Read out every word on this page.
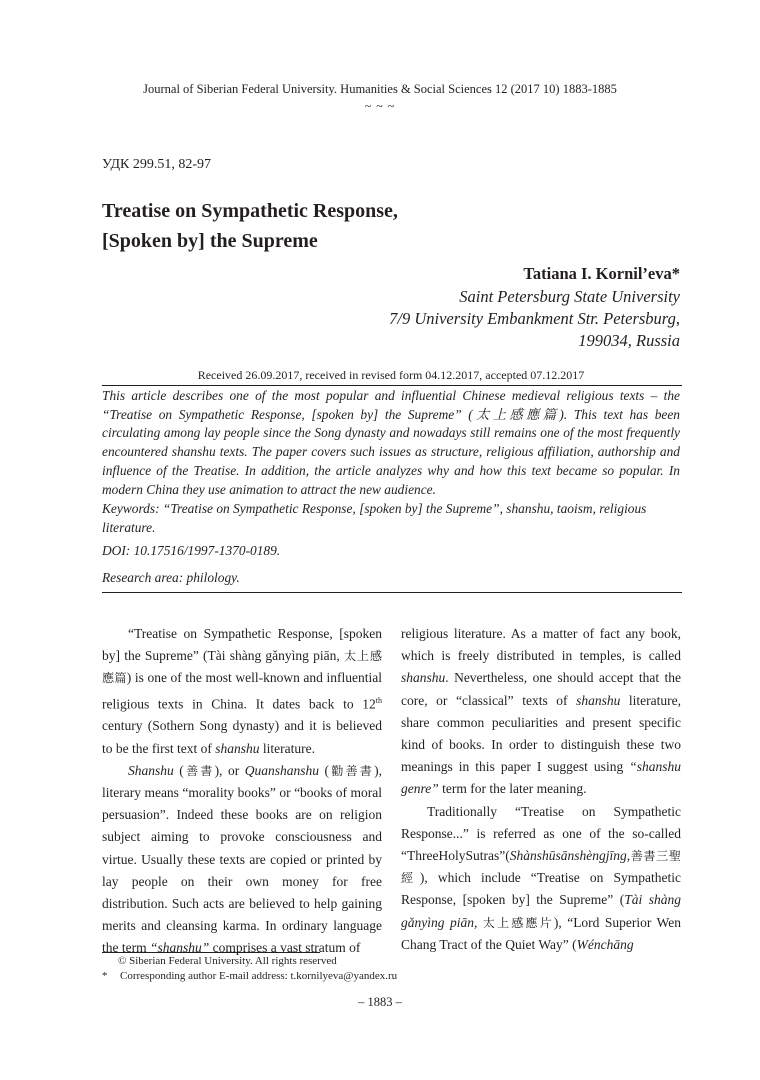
Journal of Siberian Federal University. Humanities & Social Sciences 12 (2017 10) 1883-1885
~ ~ ~
УДК 299.51, 82-97
Treatise on Sympathetic Response,
[Spoken by] the Supreme
Tatiana I. Kornil’eva*
Saint Petersburg State University
7/9 University Embankment Str. Petersburg,
199034, Russia
Received 26.09.2017, received in revised form 04.12.2017, accepted 07.12.2017
This article describes one of the most popular and influential Chinese medieval religious texts – the “Treatise on Sympathetic Response, [spoken by] the Supreme” (太上感應篇). This text has been circulating among lay people since the Song dynasty and nowadays still remains one of the most frequently encountered shanshu texts. The paper covers such issues as structure, religious affiliation, authorship and influence of the Treatise. In addition, the article analyzes why and how this text became so popular. In modern China they use animation to attract the new audience.
Keywords: “Treatise on Sympathetic Response, [spoken by] the Supreme”, shanshu, taoism, religious literature.
DOI: 10.17516/1997-1370-0189.
Research area: philology.

“Treatise on Sympathetic Response, [spoken by] the Supreme” (Tài shàng gǎnyìng piān, 太上感應篇) is one of the most well-known and influential religious texts in China. It dates back to 12th century (Sothern Song dynasty) and it is believed to be the first text of shanshu literature.

Shanshu (善書), or Quanshanshu (勸善書), literary means “morality books” or “books of moral persuasion”. Indeed these books are on religion subject aiming to provoke consciousness and virtue. Usually these texts are copied or printed by lay people on their own money for free distribution. Such acts are believed to help gaining merits and cleansing karma. In ordinary language the term “shanshu” comprises a vast stratum of

religious literature. As a matter of fact any book, which is freely distributed in temples, is called shanshu. Nevertheless, one should accept that the core, or “classical” texts of shanshu literature, share common peculiarities and present specific kind of books. In order to distinguish these two meanings in this paper I suggest using “shanshu genre” term for the later meaning.

Traditionally “Treatise on Sympathetic Response...” is referred as one of the so-called “ThreeHolySutras”(Shànshūsānshèngjīng,善書三聖經), which include “Treatise on Sympathetic Response, [spoken by] the Supreme” (Tài shàng gǎnyìng piān, 太上感應片), “Lord Superior Wen Chang Tract of the Quiet Way” (Wénchāng

© Siberian Federal University. All rights reserved
* Corresponding author E-mail address: t.kornilyeva@yandex.ru
– 1883 –
